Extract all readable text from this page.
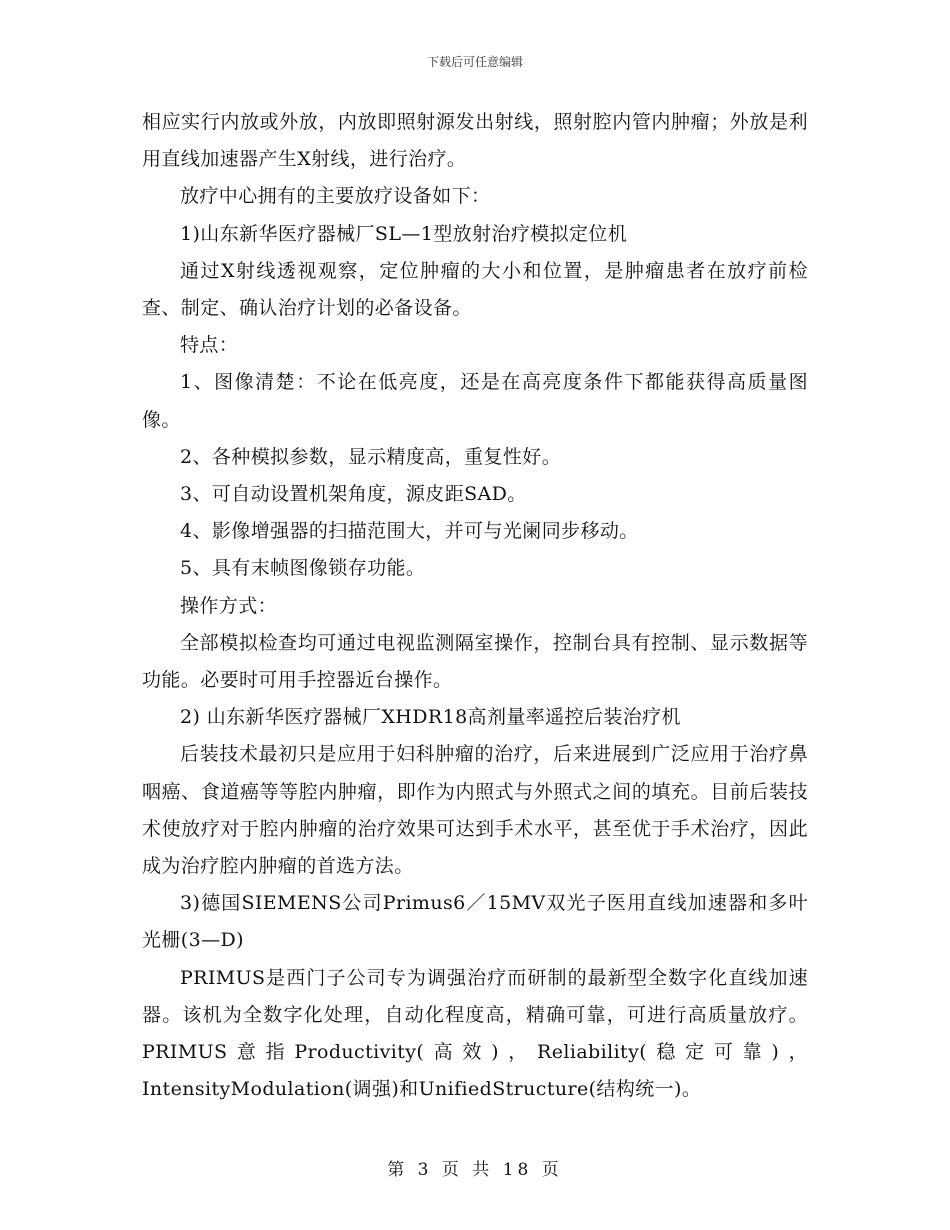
下载后可任意编辑

相应实行内放或外放，内放即照射源发出射线，照射腔内管内肿瘤；外放是利用直线加速器产生X射线，进行治疗。

放疗中心拥有的主要放疗设备如下：

1)山东新华医疗器械厂SL—1型放射治疗模拟定位机

通过X射线透视观察，定位肿瘤的大小和位置，是肿瘤患者在放疗前检查、制定、确认治疗计划的必备设备。

特点：

1、图像清楚：不论在低亮度，还是在高亮度条件下都能获得高质量图像。

2、各种模拟参数，显示精度高，重复性好。

3、可自动设置机架角度，源皮距SAD。

4、影像增强器的扫描范围大，并可与光阑同步移动。

5、具有末帧图像锁存功能。

操作方式：

全部模拟检查均可通过电视监测隔室操作，控制台具有控制、显示数据等功能。必要时可用手控器近台操作。

2) 山东新华医疗器械厂XHDR18高剂量率遥控后装治疗机

后装技术最初只是应用于妇科肿瘤的治疗，后来进展到广泛应用于治疗鼻咽癌、食道癌等等腔内肿瘤，即作为内照式与外照式之间的填充。目前后装技术使放疗对于腔内肿瘤的治疗效果可达到手术水平，甚至优于手术治疗，因此成为治疗腔内肿瘤的首选方法。

3)德国SIEMENS公司Primus6／15MV双光子医用直线加速器和多叶光栅(3—D)

PRIMUS是西门子公司专为调强治疗而研制的最新型全数字化直线加速器。该机为全数字化处理，自动化程度高，精确可靠，可进行高质量放疗。PRIMUS意指Productivity(高效)，Reliability(稳定可靠)，IntensityModulation(调强)和UnifiedStructure(结构统一)。

第 3 页 共 18 页
